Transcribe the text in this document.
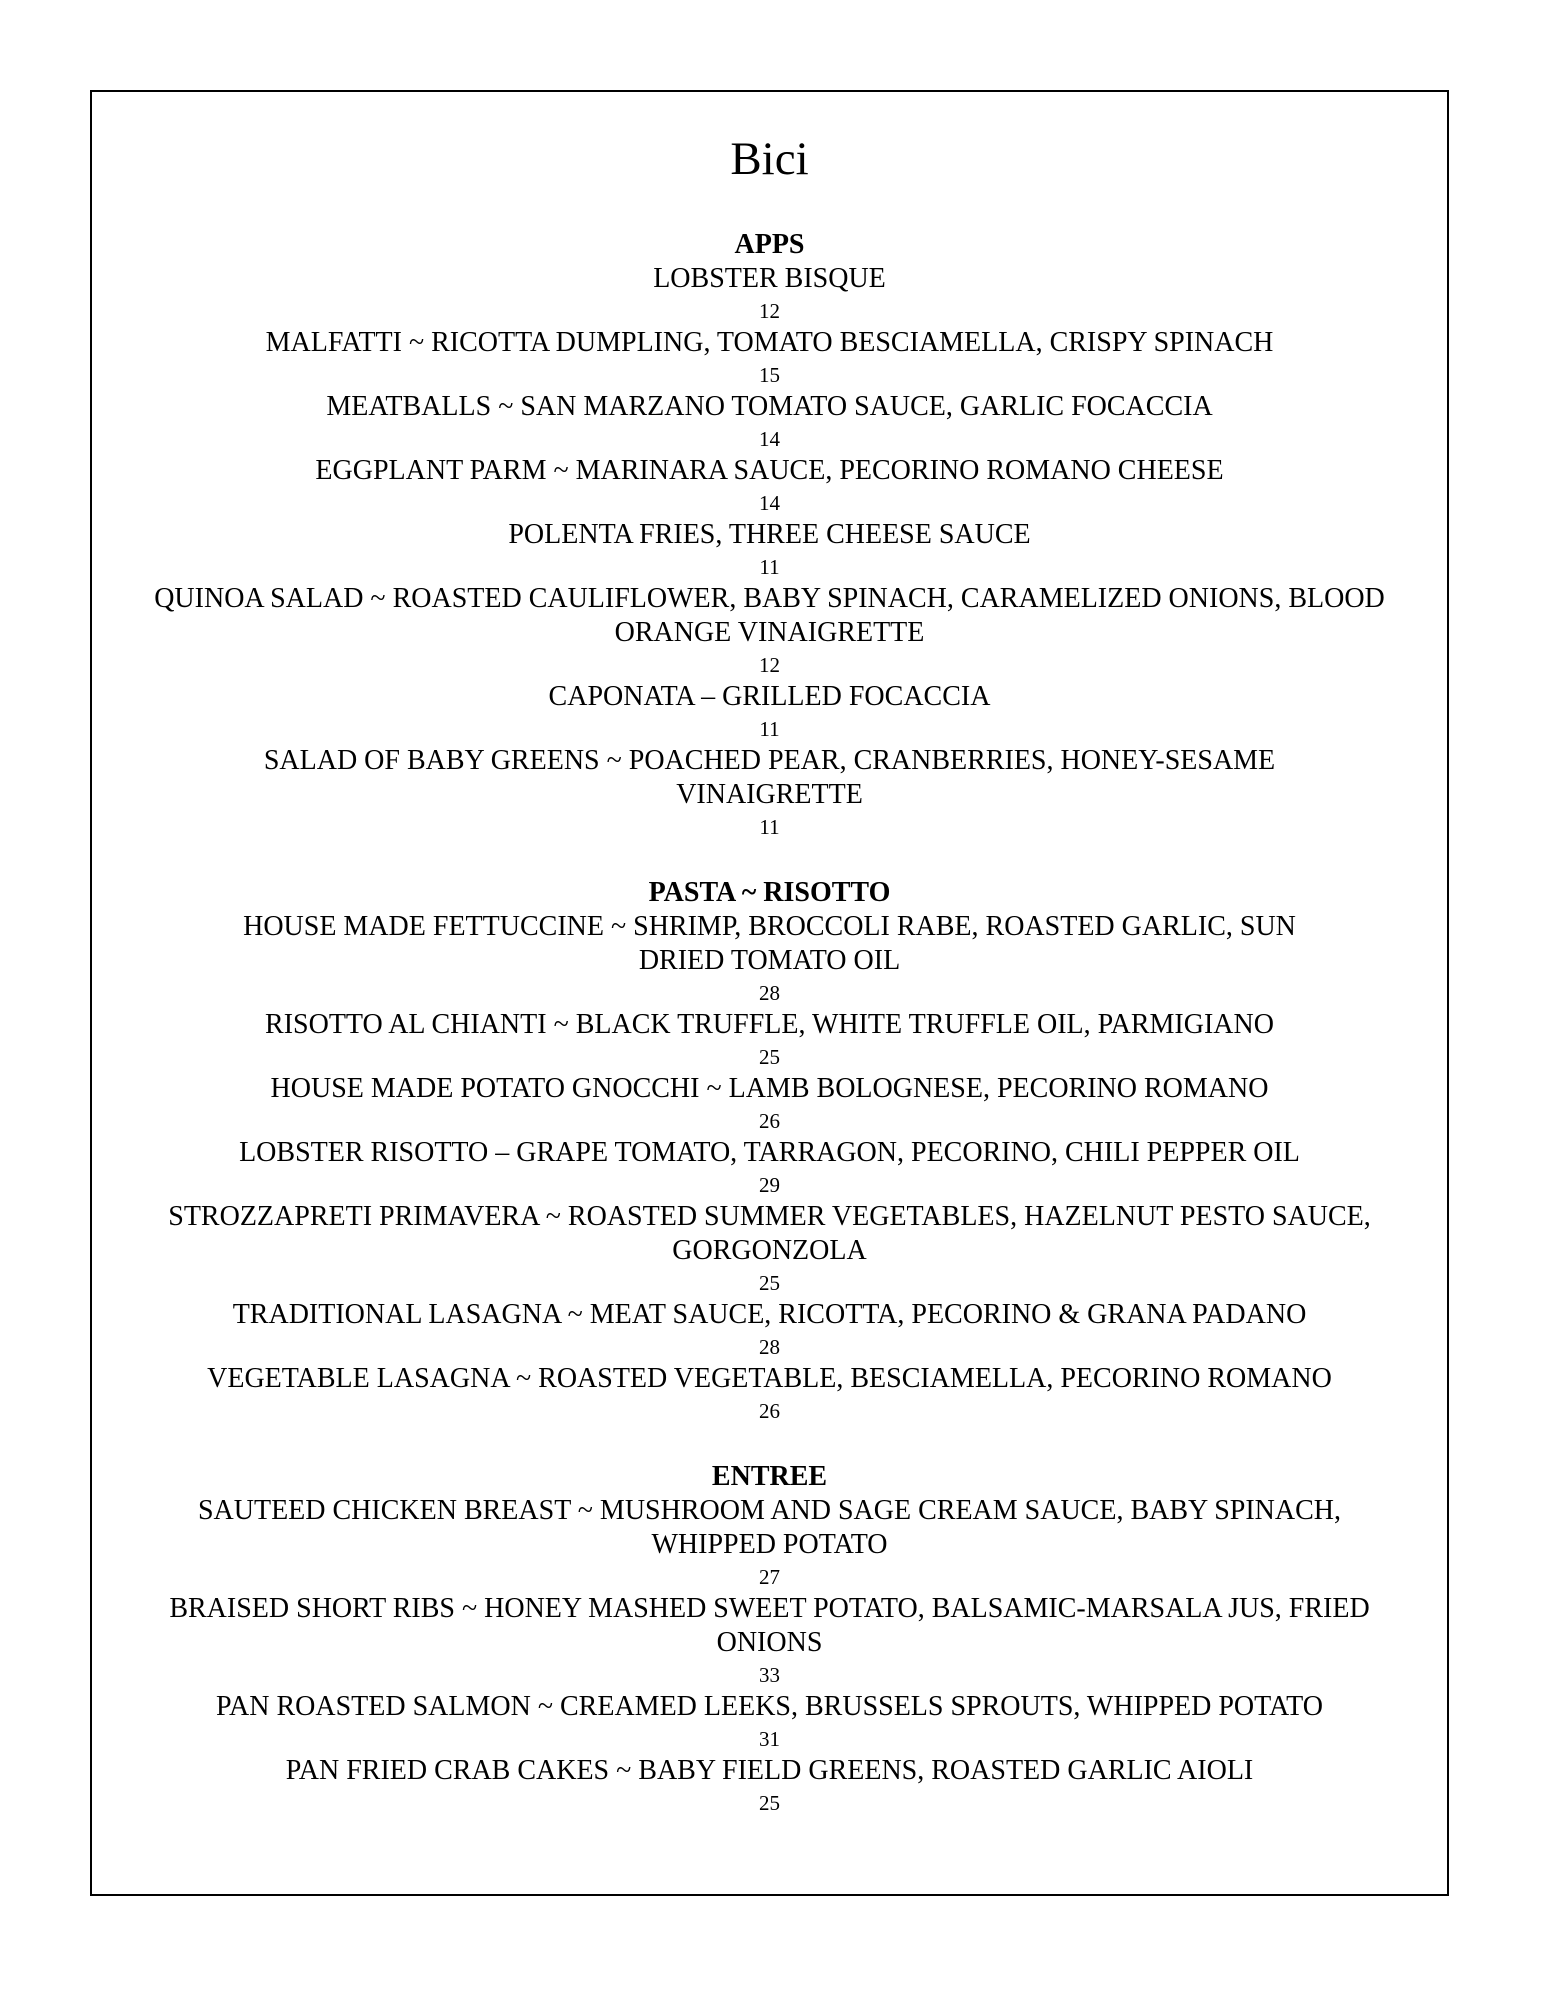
Bici

APPS

LOBSTER BISQUE

12

MALFATTI ~ RICOTTA DUMPLING, TOMATO BESCIAMELLA, CRISPY SPINACH

15

MEATBALLS ~ SAN MARZANO TOMATO SAUCE, GARLIC FOCACCIA

14

EGGPLANT PARM ~ MARINARA SAUCE, PECORINO ROMANO CHEESE

14

POLENTA FRIES, THREE CHEESE SAUCE

11

QUINOA SALAD ~ ROASTED CAULIFLOWER, BABY SPINACH, CARAMELIZED ONIONS, BLOOD ORANGE VINAIGRETTE

12

CAPONATA – GRILLED FOCACCIA

11

SALAD OF BABY GREENS ~ POACHED PEAR, CRANBERRIES, HONEY-SESAME VINAIGRETTE

11

PASTA ~ RISOTTO

HOUSE MADE FETTUCCINE ~ SHRIMP, BROCCOLI RABE, ROASTED GARLIC, SUN DRIED TOMATO OIL

28

RISOTTO AL CHIANTI ~ BLACK TRUFFLE, WHITE TRUFFLE OIL, PARMIGIANO

25

HOUSE MADE POTATO GNOCCHI ~ LAMB BOLOGNESE, PECORINO ROMANO

26

LOBSTER RISOTTO – GRAPE TOMATO, TARRAGON, PECORINO, CHILI PEPPER OIL

29

STROZZAPRETI PRIMAVERA ~ ROASTED SUMMER VEGETABLES, HAZELNUT PESTO SAUCE, GORGONZOLA

25

TRADITIONAL LASAGNA ~ MEAT SAUCE, RICOTTA, PECORINO & GRANA PADANO

28

VEGETABLE LASAGNA ~ ROASTED VEGETABLE, BESCIAMELLA, PECORINO ROMANO

26

ENTREE

SAUTEED CHICKEN BREAST ~ MUSHROOM AND SAGE CREAM SAUCE, BABY SPINACH, WHIPPED POTATO

27

BRAISED SHORT RIBS ~ HONEY MASHED SWEET POTATO, BALSAMIC-MARSALA JUS, FRIED ONIONS

33

PAN ROASTED SALMON ~ CREAMED LEEKS, BRUSSELS SPROUTS, WHIPPED POTATO

31

PAN FRIED CRAB CAKES ~ BABY FIELD GREENS, ROASTED GARLIC AIOLI

25
